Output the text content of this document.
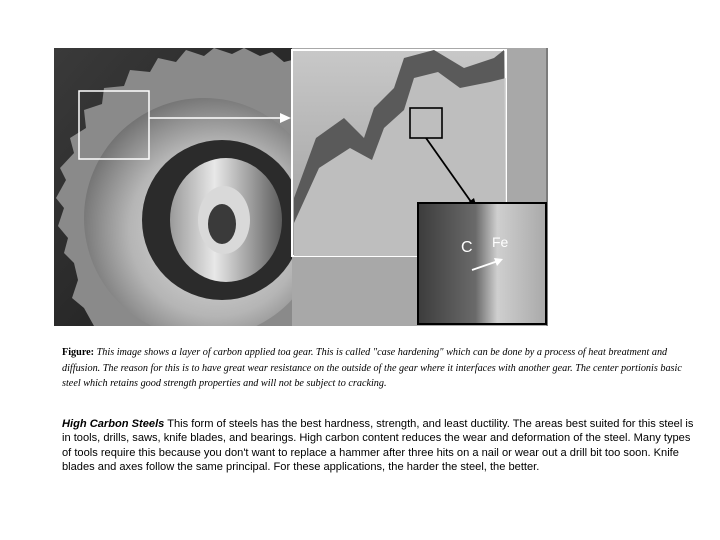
C Fe
Figure: This image shows a layer of carbon applied toa gear. This is called "case hardening" which can be done by a process of heat breatment and diffusion. The reason for this is to have great wear resistance on the outside of the gear where it interfaces with another gear. The center portionis basic steel which retains good strength properties and will not be subject to cracking.
High Carbon Steels This form of steels has the best hardness, strength, and least ductility. The areas best suited for this steel is in tools, drills, saws, knife blades, and bearings. High carbon content reduces the wear and deformation of the steel. Many types of tools require this because you don't want to replace a hammer after three hits on a nail or wear out a drill bit too soon. Knife blades and axes follow the same principal. For these applications, the harder the steel, the better.
